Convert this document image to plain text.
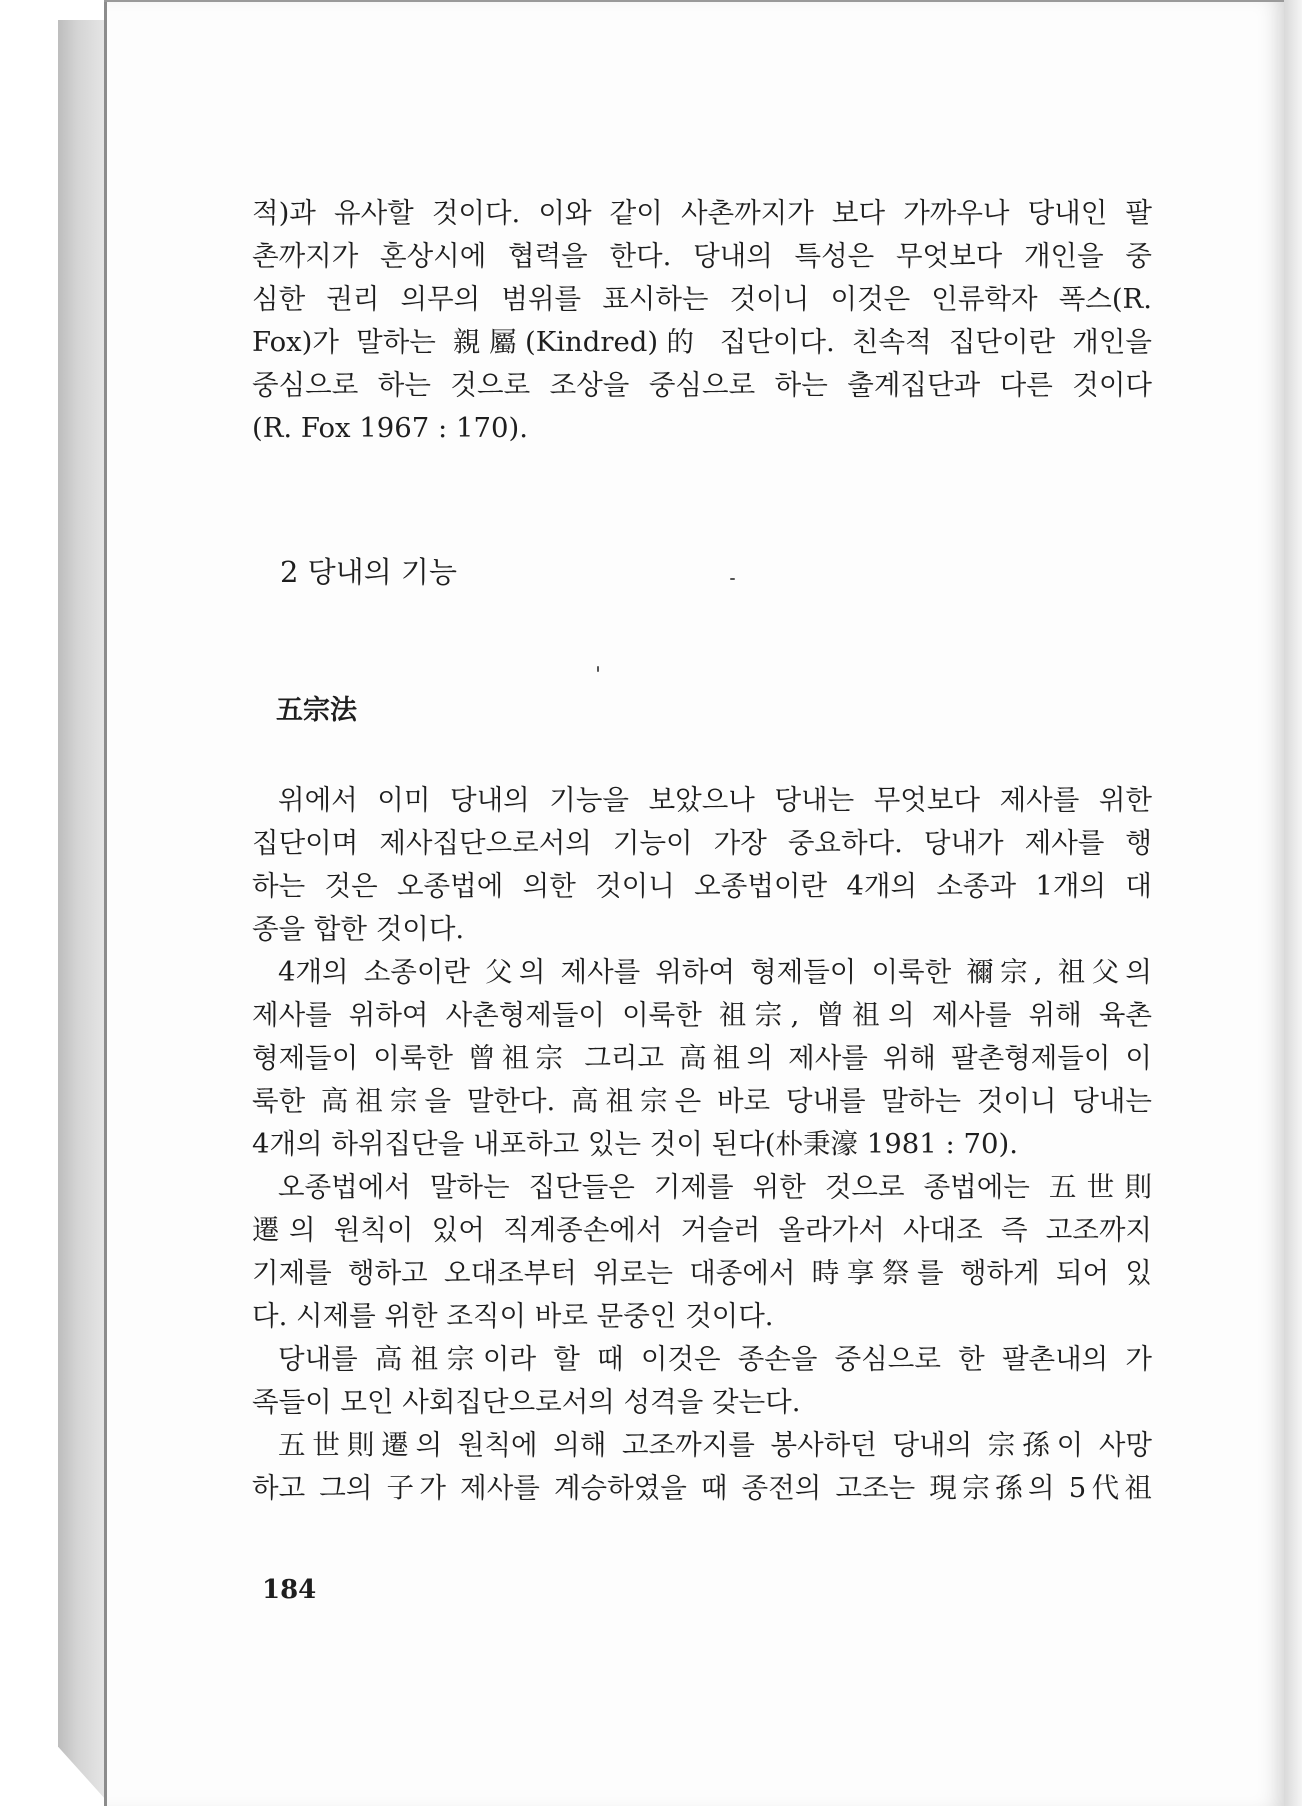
적)과 유사할 것이다. 이와 같이 사촌까지가 보다 가까우나 당내인 팔

촌까지가 혼상시에 협력을 한다. 당내의 특성은 무엇보다 개인을 중

심한 권리 의무의 범위를 표시하는 것이니 이것은 인류학자 폭스(R.

Fox)가 말하는 親屬(Kindred)的 집단이다. 친속적 집단이란 개인을

중심으로 하는 것으로 조상을 중심으로 하는 출계집단과 다른 것이다

(R. Fox 1967 : 170).

2 당내의 기능
五宗法

위에서 이미 당내의 기능을 보았으나 당내는 무엇보다 제사를 위한

집단이며 제사집단으로서의 기능이 가장 중요하다. 당내가 제사를 행

하는 것은 오종법에 의한 것이니 오종법이란 4개의 소종과 1개의 대

종을 합한 것이다.

4개의 소종이란 父의 제사를 위하여 형제들이 이룩한 禰宗, 祖父의

제사를 위하여 사촌형제들이 이룩한 祖宗, 曾祖의 제사를 위해 육촌

형제들이 이룩한 曾祖宗 그리고 高祖의 제사를 위해 팔촌형제들이 이

룩한 高祖宗을 말한다. 高祖宗은 바로 당내를 말하는 것이니 당내는

4개의 하위집단을 내포하고 있는 것이 된다(朴秉濠 1981 : 70).

오종법에서 말하는 집단들은 기제를 위한 것으로 종법에는 五世則

遷의 원칙이 있어 직계종손에서 거슬러 올라가서 사대조 즉 고조까지

기제를 행하고 오대조부터 위로는 대종에서 時享祭를 행하게 되어 있

다. 시제를 위한 조직이 바로 문중인 것이다.

당내를 高祖宗이라 할 때 이것은 종손을 중심으로 한 팔촌내의 가

족들이 모인 사회집단으로서의 성격을 갖는다.

五世則遷의 원칙에 의해 고조까지를 봉사하던 당내의 宗孫이 사망

하고 그의 子가 제사를 계승하였을 때 종전의 고조는 現宗孫의 5代祖

184
